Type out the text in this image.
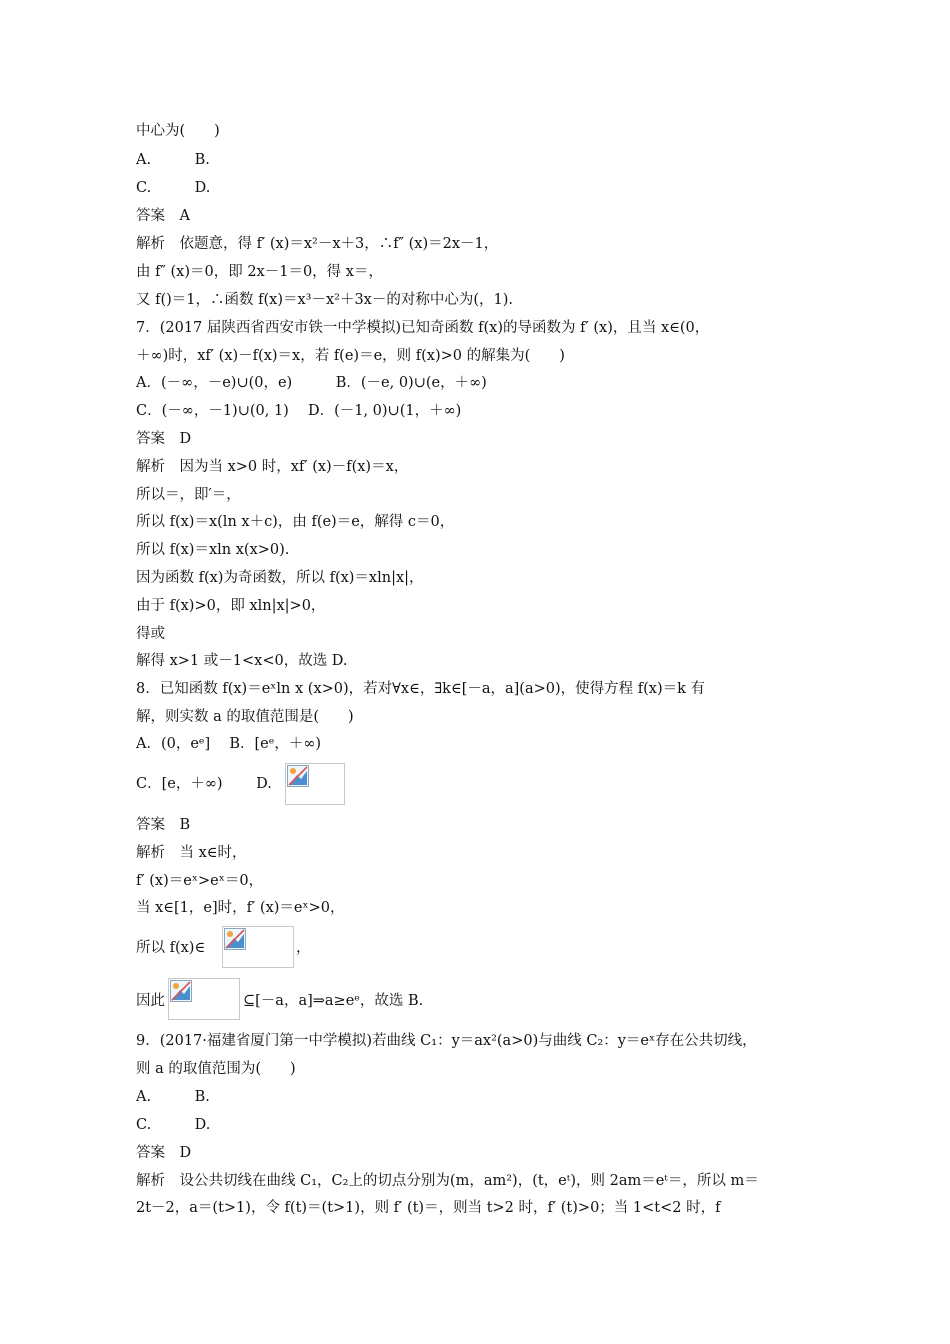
中心为(　　)
A.　　　B.
C.　　　D.
答案　A
解析　依题意，得 f′ (x)＝x²－x＋3，∴f″ (x)＝2x－1，
由 f″ (x)＝0，即 2x－1＝0，得 x＝，
又 f()＝1，∴函数 f(x)＝x³－x²＋3x－的对称中心为(，1).
7．(2017 届陕西省西安市铁一中学模拟)已知奇函数 f(x)的导函数为 f′ (x)，且当 x∈(0，
＋∞)时，xf′ (x)－f(x)＝x，若 f(e)＝e，则 f(x)>0 的解集为(　　)
A．(－∞，－e)∪(0，e)　　　B．(－e, 0)∪(e，＋∞)
C．(－∞，－1)∪(0, 1)　 D．(－1, 0)∪(1，＋∞)
答案　D
解析　因为当 x>0 时，xf′ (x)－f(x)＝x，
所以＝，即′＝，
所以 f(x)＝x(ln x＋c)，由 f(e)＝e，解得 c＝0，
所以 f(x)＝xln x(x>0).
因为函数 f(x)为奇函数，所以 f(x)＝xln|x|，
由于 f(x)>0，即 xln|x|>0，
得或
解得 x>1 或－1<x<0，故选 D.
8．已知函数 f(x)＝eˣln x (x>0)，若对∀x∈，∃k∈[－a，a](a>0)，使得方程 f(x)＝k 有
解，则实数 a 的取值范围是(　　)
A．(0，eᵉ]　 B．[eᵉ，＋∞)
C．[e，＋∞)　　 D.
答案　B
解析　当 x∈时，
f′ (x)＝eˣ>eˣ＝0，
当 x∈[1，e]时，f′ (x)＝eˣ>0，
所以 f(x)∈	，
因此	⊆[－a，a]⇒a≥eᵉ，故选 B.
9．(2017·福建省厦门第一中学模拟)若曲线 C₁：y＝ax²(a>0)与曲线 C₂：y＝eˣ存在公共切线，
则 a 的取值范围为(　　)
A.　　　B.
C.　　　D.
答案　D
解析　设公共切线在曲线 C₁，C₂上的切点分别为(m，am²)，(t，eᵗ)，则 2am＝eᵗ＝，所以 m＝
2t－2，a＝(t>1)，令 f(t)＝(t>1)，则 f′ (t)＝，则当 t>2 时，f′ (t)>0；当 1<t<2 时，f
